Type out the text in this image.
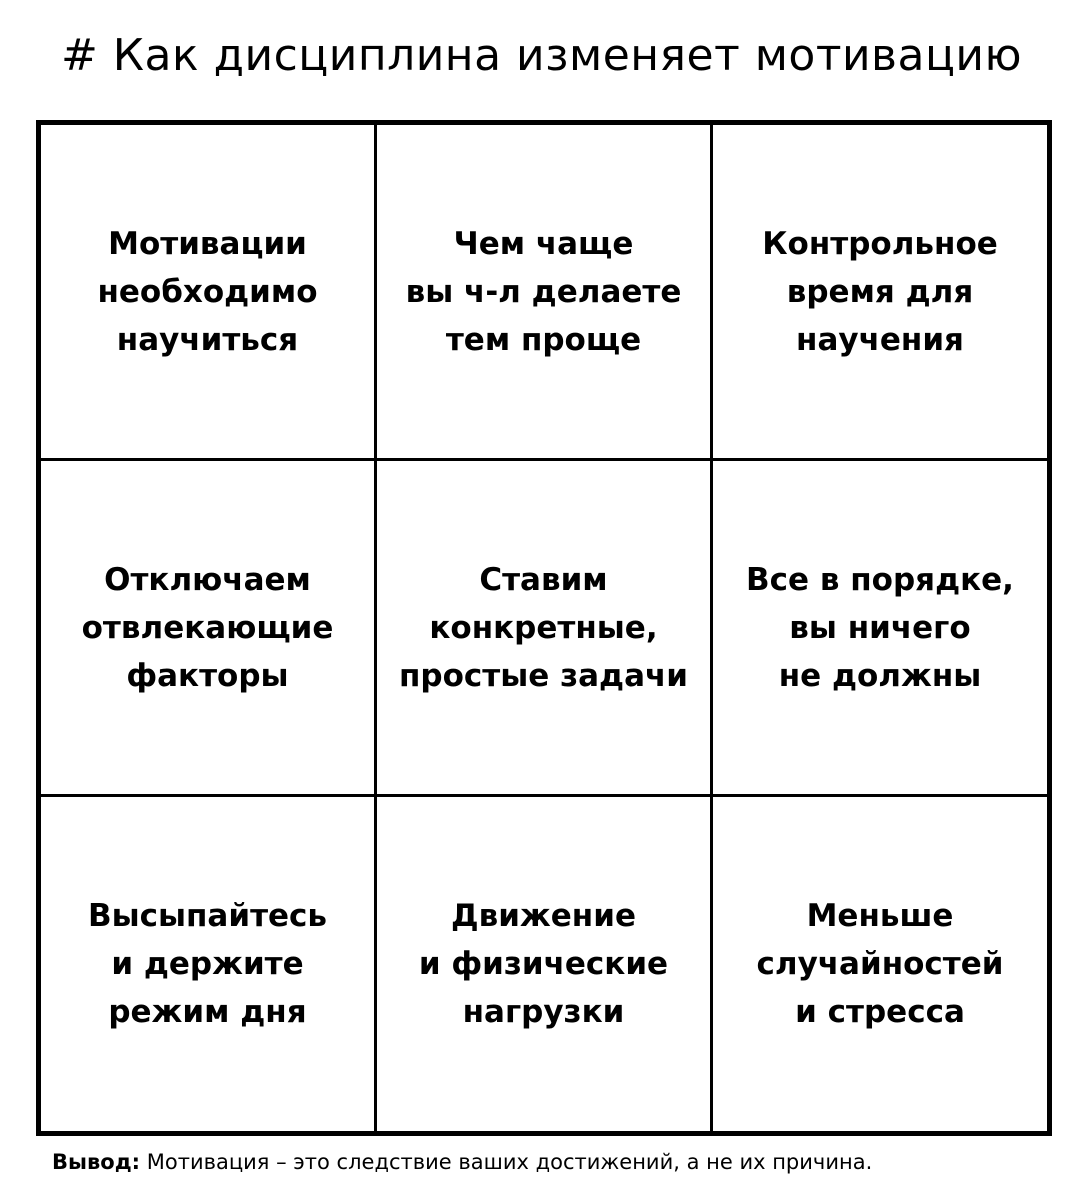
# Как дисциплина изменяет мотивацию
Мотивации
необходимо
научиться
Чем чаще
вы ч-л делаете
тем проще
Контрольное
время для
научения
Отключаем
отвлекающие
факторы
Ставим
конкретные,
простые задачи
Все в порядке,
вы ничего
не должны
Высыпайтесь
и держите
режим дня
Движение
и физические
нагрузки
Меньше
случайностей
и стресса
Вывод: Мотивация – это следствие ваших достижений, а не их причина.
